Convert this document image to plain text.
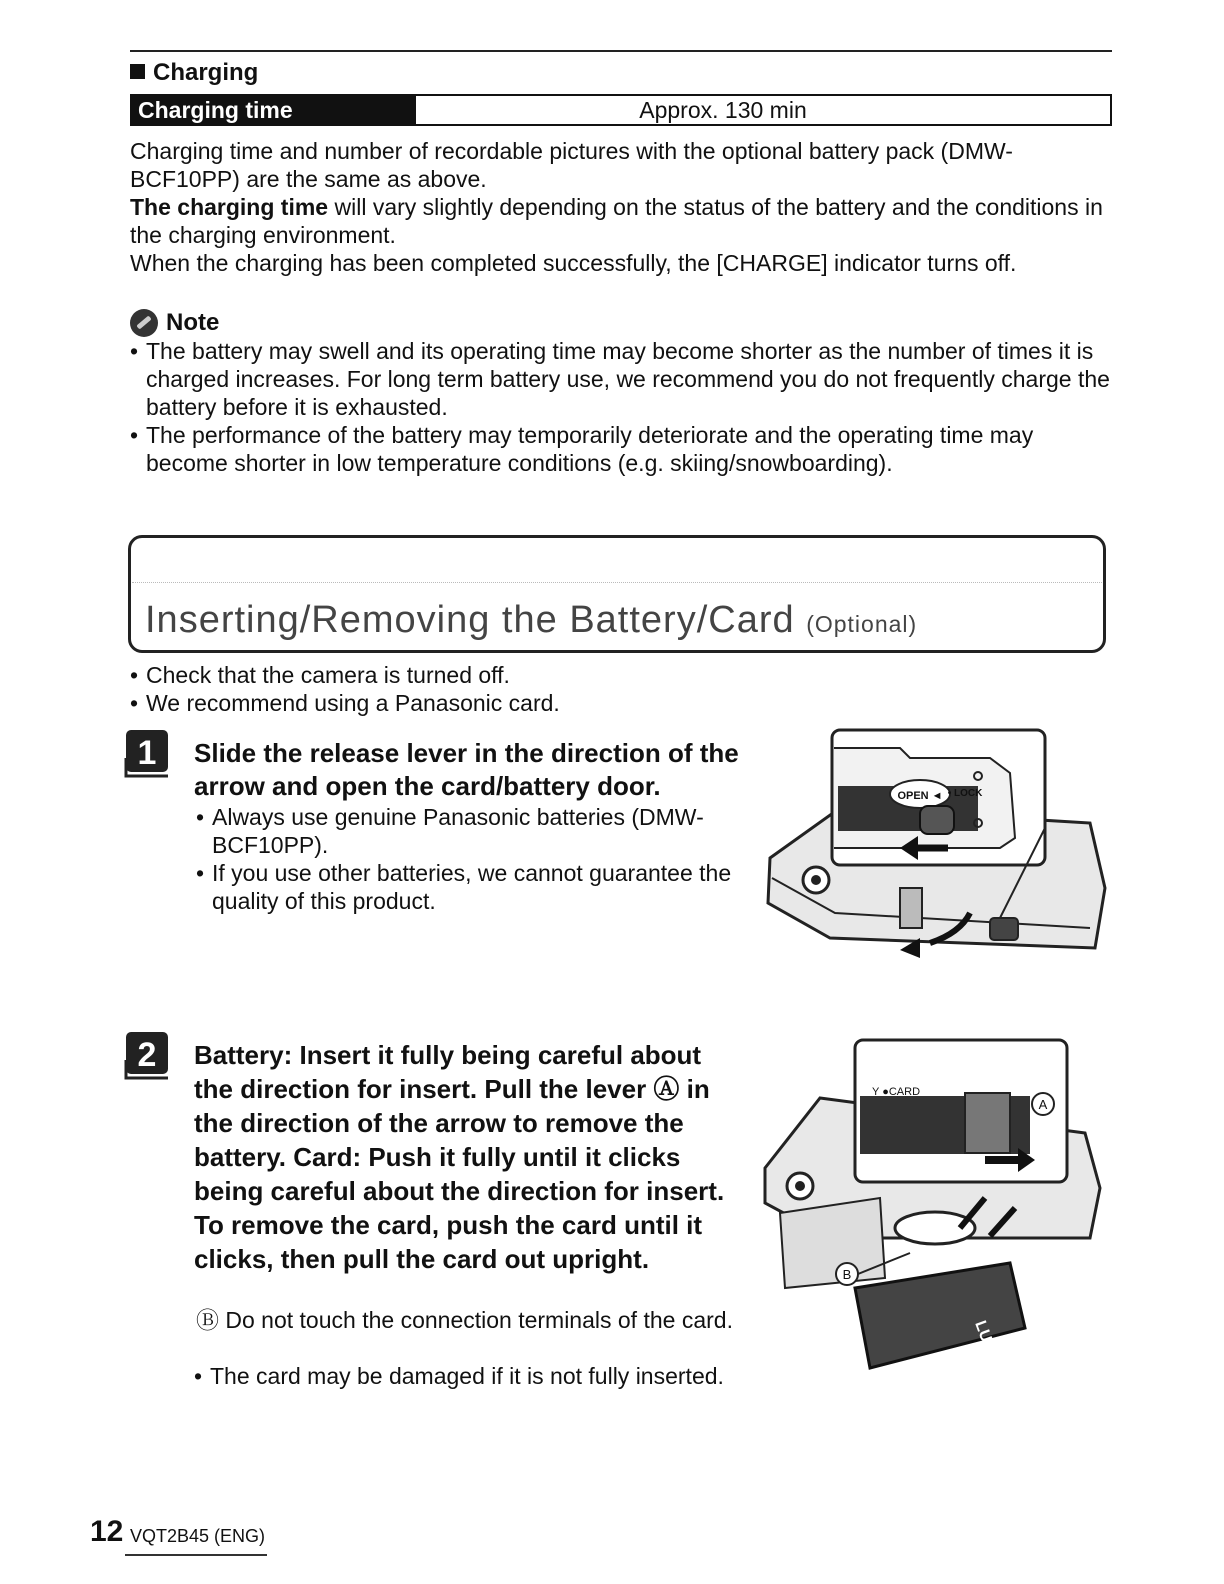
Charging
Charging time	Approx. 130 min
Charging time and number of recordable pictures with the optional battery pack (DMW-BCF10PP) are the same as above.
The charging time will vary slightly depending on the status of the battery and the conditions in the charging environment.
When the charging has been completed successfully, the [CHARGE] indicator turns off.
Note
• The battery may swell and its operating time may become shorter as the number of times it is charged increases. For long term battery use, we recommend you do not frequently charge the battery before it is exhausted.
• The performance of the battery may temporarily deteriorate and the operating time may become shorter in low temperature conditions (e.g. skiing/snowboarding).
Inserting/Removing the Battery/Card (Optional)
• Check that the camera is turned off.
• We recommend using a Panasonic card.
1 Slide the release lever in the direction of the arrow and open the card/battery door.
• Always use genuine Panasonic batteries (DMW-BCF10PP).
• If you use other batteries, we cannot guarantee the quality of this product.
OPEN ◄ • LOCK
2 Battery: Insert it fully being careful about the direction for insert. Pull the lever Ⓐ in the direction of the arrow to remove the battery. Card: Push it fully until it clicks being careful about the direction for insert. To remove the card, push the card until it clicks, then pull the card out upright.
Ⓑ Do not touch the connection terminals of the card.
• The card may be damaged if it is not fully inserted.
LUMIX
Y ●CARD
A
B
12 VQT2B45 (ENG)
